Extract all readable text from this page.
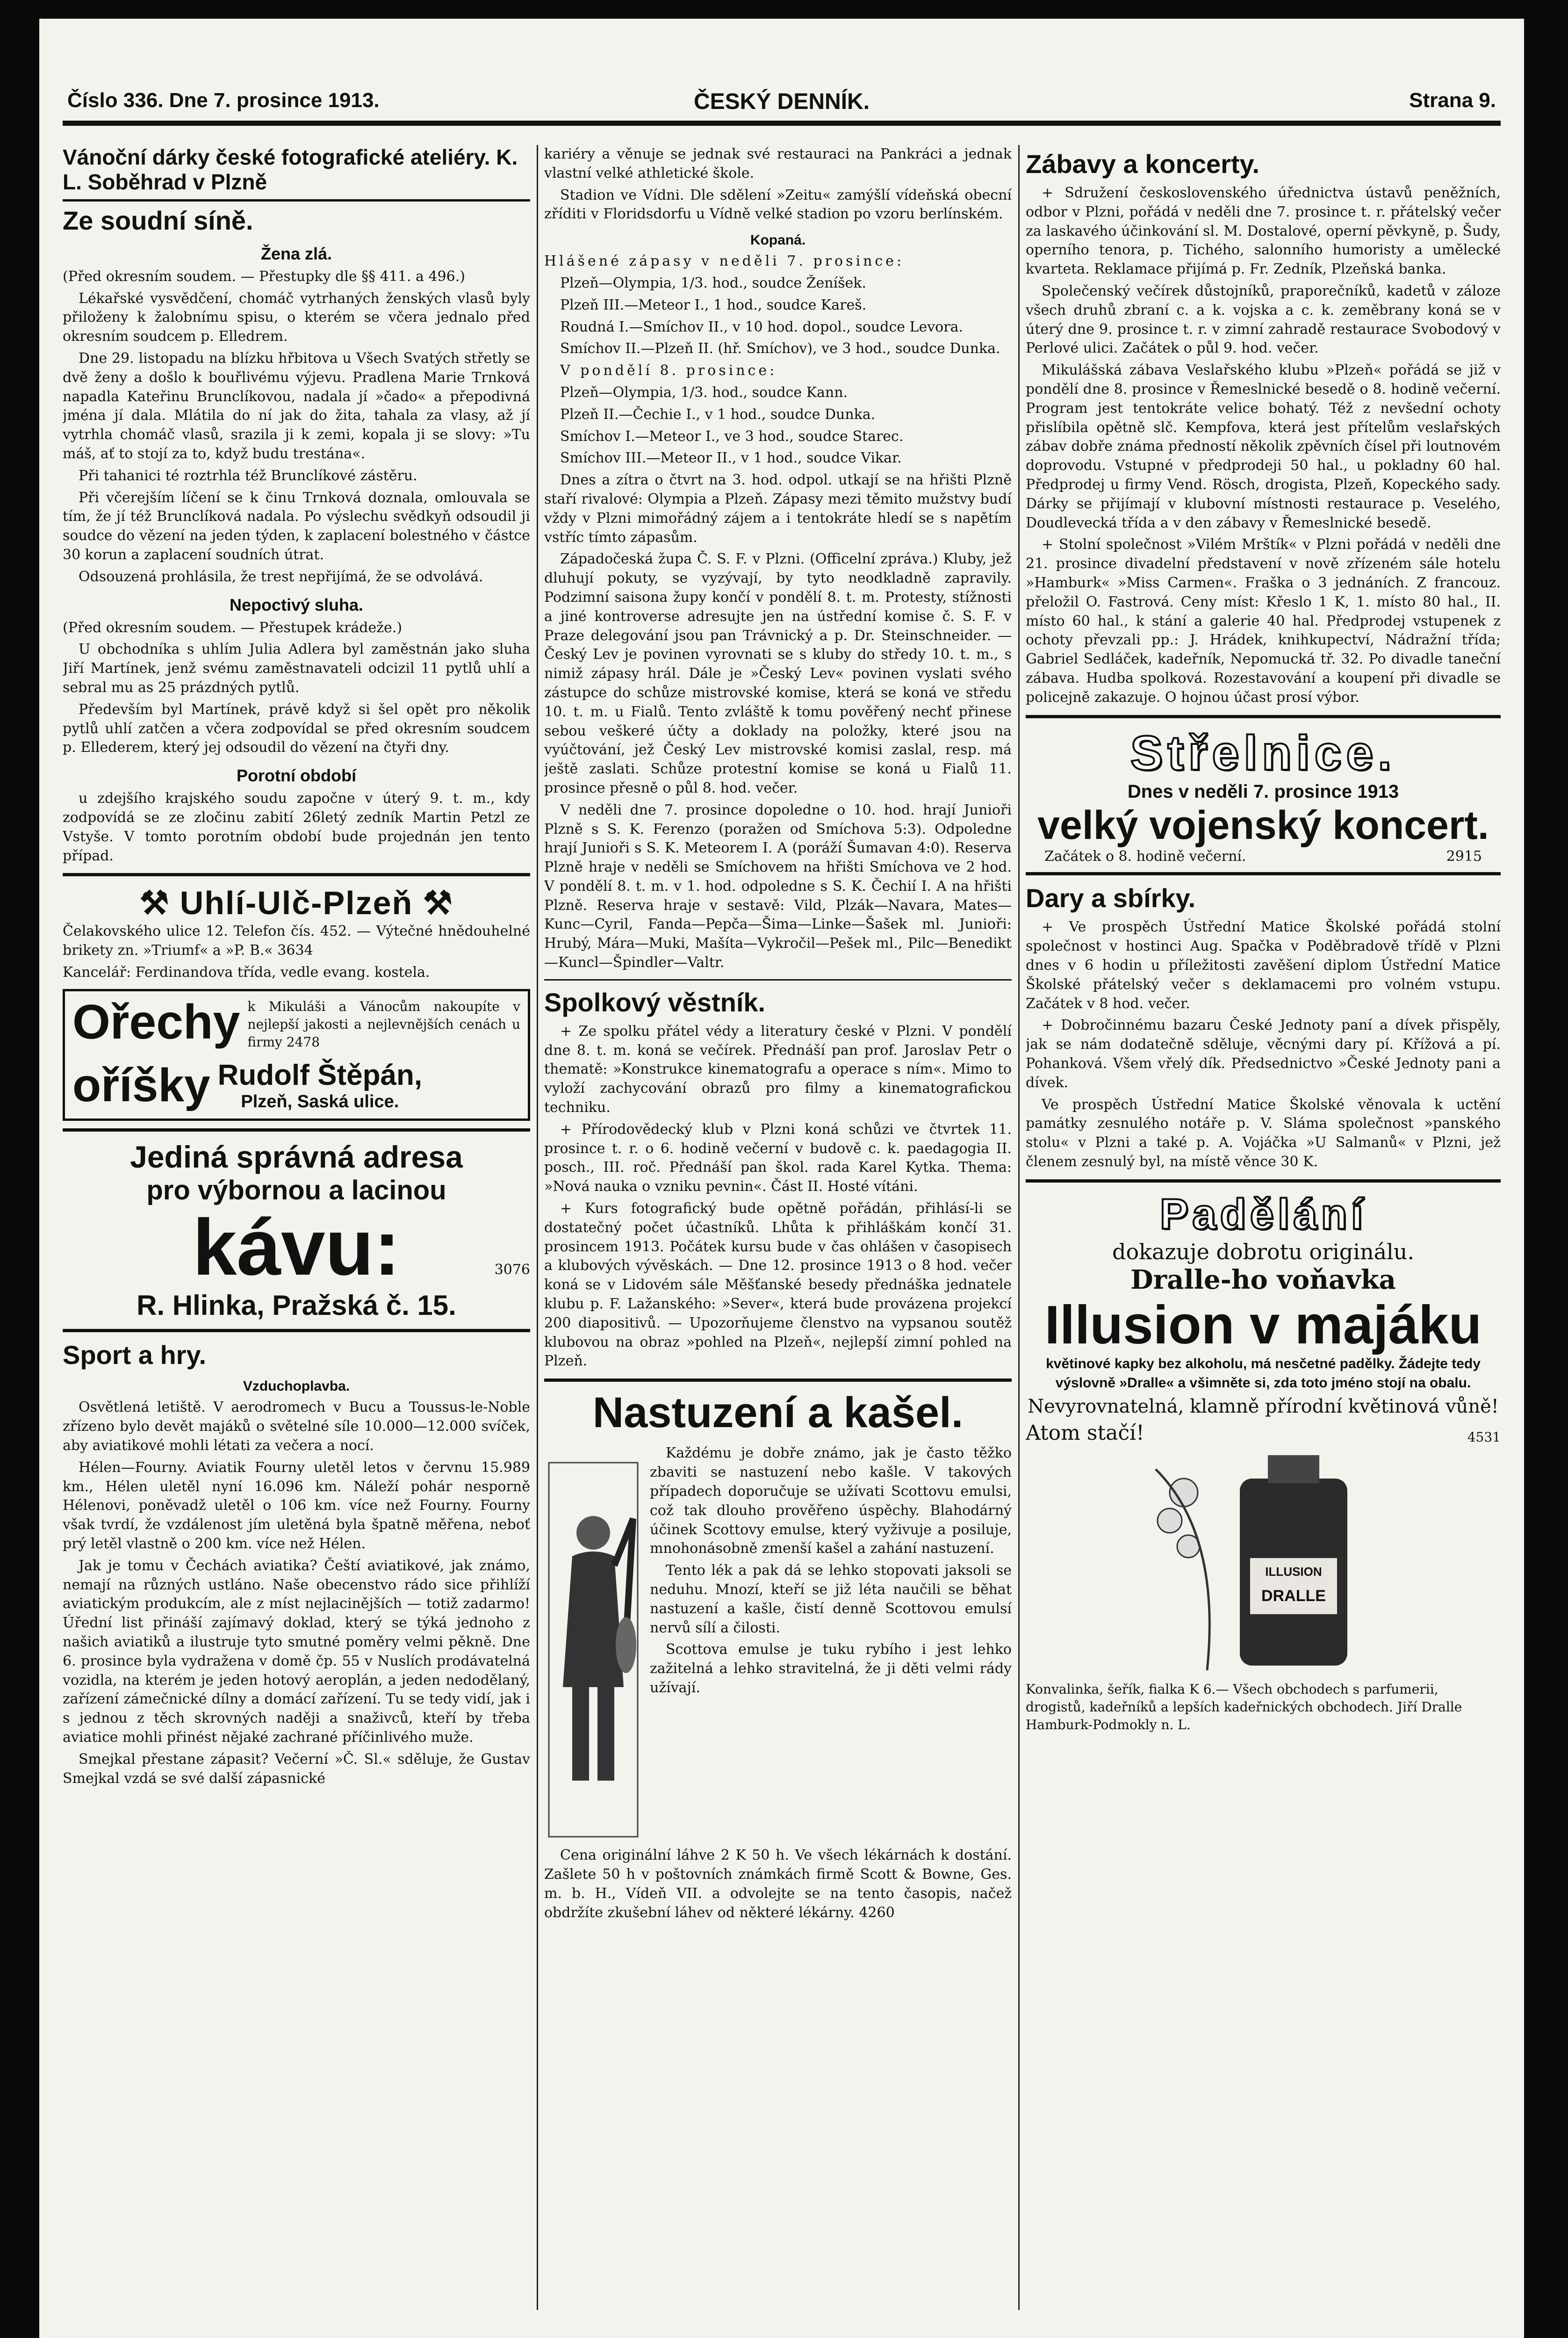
Číslo 336. Dne 7. prosince 1913.	ČESKÝ DENNÍK.	Strana 9.
Vánoční dárky české fotografické ateliéry. K. L. Soběhrad v Plzně
Ze soudní síně.
Žena zlá.

(Před okresním soudem. — Přestupky dle §§ 411. a 496.)

Lékařské vysvědčení, chomáč vytrhaných ženských vlasů byly přiloženy k žalobnímu spisu, o kterém se včera jednalo před okresním soudcem p. Elledrem.

Dne 29. listopadu na blízku hřbitova u Všech Svatých střetly se dvě ženy a došlo k bouřlivému výjevu. Pradlena Marie Trnková napadla Kateřinu Brunclíkovou, nadala jí »čado« a přepodivná jména jí dala. Mlátila do ní jak do žita, tahala za vlasy, až jí vytrhla chomáč vlasů, srazila ji k zemi, kopala ji se slovy: »Tu máš, ať to stojí za to, když budu trestána«.

Při tahanici té roztrhla též Brunclíkové zástěru.

Při včerejším líčení se k činu Trnková doznala, omlouvala se tím, že jí též Brunclíková nadala. Po výslechu svědkyň odsoudil ji soudce do vězení na jeden týden, k zaplacení bolestného v částce 30 korun a zaplacení soudních útrat.

Odsouzená prohlásila, že trest nepřijímá, že se odvolává.

Nepoctivý sluha.

(Před okresním soudem. — Přestupek krádeže.)

U obchodníka s uhlím Julia Adlera byl zaměstnán jako sluha Jiří Martínek, jenž svému zaměstnavateli odcizil 11 pytlů uhlí a sebral mu as 25 prázdných pytlů.

Především byl Martínek, právě když si šel opět pro několik pytlů uhlí zatčen a včera zodpovídal se před okresním soudcem p. Ellederem, který jej odsoudil do vězení na čtyři dny.

Porotní období

u zdejšího krajského soudu započne v úterý 9. t. m., kdy zodpovídá se ze zločinu zabití 26letý zedník Martin Petzl ze Vstyše. V tomto porotním období bude projednán jen tento případ.

⚒ Uhlí-Ulč-Plzeň ⚒

Čelakovského ulice 12. Telefon čís. 452. — Výtečné hnědouhelné brikety zn. »Triumf« a »P. B.« 3634

Kancelář: Ferdinandova třída, vedle evang. kostela.

Ořechy k Mikuláši a Vánocům nakoupíte v nejlepší jakosti a nejlevnějších cenách u firmy 2478

oříšky Rudolf Štěpán,
Plzeň, Saská ulice.
Jediná správná adresa
pro výbornou a lacinou
kávu:	3076
R. Hlinka, Pražská č. 15.
Sport a hry.
Vzduchoplavba.

Osvětlená letiště. V aerodromech v Bucu a Toussus-le-Noble zřízeno bylo devět majáků o světelné síle 10.000—12.000 svíček, aby aviatikové mohli létati za večera a nocí.

Hélen—Fourny. Aviatik Fourny uletěl letos v červnu 15.989 km., Hélen uletěl nyní 16.096 km. Náleží pohár nesporně Hélenovi, poněvadž uletěl o 106 km. více než Fourny. Fourny však tvrdí, že vzdálenost jím uletěná byla špatně měřena, neboť prý letěl vlastně o 200 km. více než Hélen.

Jak je tomu v Čechách aviatika? Čeští aviatikové, jak známo, nemají na různých ustláno. Naše obecenstvo rádo sice přihlíží aviatickým produkcím, ale z míst nejlacinějších — totiž zadarmo! Úřední list přináší zajímavý doklad, který se týká jednoho z našich aviatiků a ilustruje tyto smutné poměry velmi pěkně. Dne 6. prosince byla vydražena v domě čp. 55 v Nuslích prodávatelná vozidla, na kterém je jeden hotový aeroplán, a jeden nedodělaný, zařízení zámečnické dílny a domácí zařízení. Tu se tedy vidí, jak i s jednou z těch skrovných naději a snaživců, kteří by třeba aviatice mohli přinést nějaké zachrané příčinlivého muže.

Smejkal přestane zápasit? Večerní »Č. Sl.« sděluje, že Gustav Smejkal vzdá se své další zápasnické

kariéry a věnuje se jednak své restauraci na Pankráci a jednak vlastní velké athletické škole.

Stadion ve Vídni. Dle sdělení »Zeitu« zamýšlí vídeňská obecní zříditi v Floridsdorfu u Vídně velké stadion po vzoru berlínském.

Kopaná.

Hlášené zápasy v neděli 7. prosince:

Plzeň—Olympia, 1/3. hod., soudce Ženíšek.

Plzeň III.—Meteor I., 1 hod., soudce Kareš.

Roudná I.—Smíchov II., v 10 hod. dopol., soudce Levora.

Smíchov II.—Plzeň II. (hř. Smíchov), ve 3 hod., soudce Dunka.

V pondělí 8. prosince:

Plzeň—Olympia, 1/3. hod., soudce Kann.

Plzeň II.—Čechie I., v 1 hod., soudce Dunka.

Smíchov I.—Meteor I., ve 3 hod., soudce Starec.

Smíchov III.—Meteor II., v 1 hod., soudce Vikar.

Dnes a zítra o čtvrt na 3. hod. odpol. utkají se na hřišti Plzně staří rivalové: Olympia a Plzeň. Zápasy mezi těmito mužstvy budí vždy v Plzni mimořádný zájem a i tentokráte hledí se s napětím vstříc tímto zápasům.

Západočeská župa Č. S. F. v Plzni. (Officelní zpráva.) Kluby, jež dluhují pokuty, se vyzývají, by tyto neodkladně zapravily. Podzimní saisona župy končí v pondělí 8. t. m. Protesty, stížnosti a jiné kontroverse adresujte jen na ústřední komise č. S. F. v Praze delegování jsou pan Trávnický a p. Dr. Steinschneider. — Český Lev je povinen vyrovnati se s kluby do středy 10. t. m., s nimiž zápasy hrál. Dále je »Český Lev« povinen vyslati svého zástupce do schůze mistrovské komise, která se koná ve středu 10. t. m. u Fialů. Tento zvláště k tomu pověřený nechť přinese sebou veškeré účty a doklady na položky, které jsou na vyúčtování, jež Český Lev mistrovské komisi zaslal, resp. má ještě zaslati. Schůze protestní komise se koná u Fialů 11. prosince přesně o půl 8. hod. večer.

V neděli dne 7. prosince dopoledne o 10. hod. hrají Junioři Plzně s S. K. Ferenzo (poražen od Smíchova 5:3). Odpoledne hrají Junioři s S. K. Meteorem I. A (poráží Šumavan 4:0). Reserva Plzně hraje v neděli se Smíchovem na hřišti Smíchova ve 2 hod. V pondělí 8. t. m. v 1. hod. odpoledne s S. K. Čechií I. A na hřišti Plzně. Reserva hraje v sestavě: Vild, Plzák—Navara, Mates—Kunc—Cyril, Fanda—Pepča—Šima—Linke—Šašek ml. Junioři: Hrubý, Mára—Muki, Mašíta—Vykročil—Pešek ml., Pilc—Benedikt—Kuncl—Špindler—Valtr.

Spolkový věstník.

+ Ze spolku přátel védy a literatury české v Plzni. V pondělí dne 8. t. m. koná se večírek. Přednáší pan prof. Jaroslav Petr o thematě: »Konstrukce kinematografu a operace s ním«. Mimo to vyloží zachycování obrazů pro filmy a kinematografickou techniku.

+ Přírodovědecký klub v Plzni koná schůzi ve čtvrtek 11. prosince t. r. o 6. hodině večerní v budově c. k. paedagogia II. posch., III. roč. Přednáší pan škol. rada Karel Kytka. Thema: »Nová nauka o vzniku pevnin«. Část II. Hosté vítáni.

+ Kurs fotografický bude opětně pořádán, přihlásí-li se dostatečný počet účastníků. Lhůta k přihláškám končí 31. prosincem 1913. Počátek kursu bude v čas ohlášen v časopisech a klubových vývěskách. — Dne 12. prosince 1913 o 8 hod. večer koná se v Lidovém sále Měšťanské besedy přednáška jednatele klubu p. F. Lažanského: »Sever«, která bude provázena projekcí 200 diapositivů. — Upozorňujeme členstvo na vypsanou soutěž klubovou na obraz »pohled na Plzeň«, nejlepší zimní pohled na Plzeň.

Nastuzení a kašel.

Každému je dobře známo, jak je často těžko zbaviti se nastuzení nebo kašle. V takových případech doporučuje se užívati Scottovu emulsi, což tak dlouho prověřeno úspěchy. Blahodárný účinek Scottovy emulse, který vyživuje a posiluje, mnohonásobně zmenší kašel a zahání nastuzení.

Tento lék a pak dá se lehko stopovati jaksoli se neduhu. Mnozí, kteří se již léta naučili se běhat nastuzení a kašle, čistí denně Scottovou emulsí nervů sílí a čilosti.

Scottova emulse je tuku rybího i jest lehko zažitelná a lehko stravitelná, že ji děti velmi rády užívají.

Cena originální láhve 2 K 50 h. Ve všech lékárnách k dostání. Zašlete 50 h v poštovních známkách firmě Scott & Bowne, Ges. m. b. H., Vídeň VII. a odvolejte se na tento časopis, načež obdržíte zkušební láhev od některé lékárny. 4260

Zábavy a koncerty.

+ Sdružení československého úřednictva ústavů peněžních, odbor v Plzni, pořádá v neděli dne 7. prosince t. r. přátelský večer za laskavého účinkování sl. M. Dostalové, operní pěvkyně, p. Šudy, operního tenora, p. Tichého, salonního humoristy a umělecké kvarteta. Reklamace přijímá p. Fr. Zedník, Plzeňská banka.

Společenský večírek důstojníků, praporečníků, kadetů v záloze všech druhů zbraní c. a k. vojska a c. k. zeměbrany koná se v úterý dne 9. prosince t. r. v zimní zahradě restaurace Svobodový v Perlové ulici. Začátek o půl 9. hod. večer.

Mikulášská zábava Veslařského klubu »Plzeň« pořádá se již v pondělí dne 8. prosince v Řemeslnické besedě o 8. hodině večerní. Program jest tentokráte velice bohatý. Též z nevšední ochoty přislíbila opětně slč. Kempfova, která jest přítelům veslařských zábav dobře známa předností několik zpěvních čísel při loutnovém doprovodu. Vstupné v předprodeji 50 hal., u pokladny 60 hal. Předprodej u firmy Vend. Rösch, drogista, Plzeň, Kopeckého sady. Dárky se přijímají v klubovní místnosti restaurace p. Veselého, Doudlevecká třída a v den zábavy v Řemeslnické besedě.

+ Stolní společnost »Vilém Mrštík« v Plzni pořádá v neděli dne 21. prosince divadelní představení v nově zřízeném sále hotelu »Hamburk« »Miss Carmen«. Fraška o 3 jednáních. Z francouz. přeložil O. Fastrová. Ceny míst: Křeslo 1 K, 1. místo 80 hal., II. místo 60 hal., k stání a galerie 40 hal. Předprodej vstupenek z ochoty převzali pp.: J. Hrádek, knihkupectví, Nádražní třída; Gabriel Sedláček, kadeřník, Nepomucká tř. 32. Po divadle taneční zábava. Hudba spolková. Rozestavování a koupení při divadle se policejně zakazuje. O hojnou účast prosí výbor.

Střelnice.
Dnes v neděli 7. prosince 1913
velký vojenský koncert.
Začátek o 8. hodině večerní.	2915
Dary a sbírky.

+ Ve prospěch Ústřední Matice Školské pořádá stolní společnost v hostinci Aug. Spačka v Poděbradově třídě v Plzni dnes v 6 hodin u příležitosti zavěšení diplom Ústřední Matice Školské přátelský večer s deklamacemi pro volném vstupu. Začátek v 8 hod. večer.

+ Dobročinnému bazaru České Jednoty paní a dívek přispěly, jak se nám dodatečně sděluje, věcnými dary pí. Křížová a pí. Pohanková. Všem vřelý dík. Předsednictvo »České Jednoty pani a dívek.

Ve prospěch Ústřední Matice Školské věnovala k uctění památky zesnulého notáře p. V. Sláma společnost »panského stolu« v Plzni a také p. A. Vojáčka »U Salmanů« v Plzni, jež členem zesnulý byl, na místě věnce 30 K.

Padělání
dokazuje dobrotu originálu.
Dralle-ho voňavka
Illusion v majáku

květinové kapky bez alkoholu, má nesčetné padělky. Žádejte tedy výslovně »Dralle« a všimněte si, zda toto jméno stojí na obalu.

Nevyrovnatelná, klamně přírodní květinová vůně!
Atom stačí!	4531
ILLUSION
DRALLE

Konvalinka, šeřík, fialka K 6.— Všech obchodech s parfumerii, drogistů, kadeřníků a lepších kadeřnických obchodech. Jiří Dralle Hamburk-Podmokly n. L.
